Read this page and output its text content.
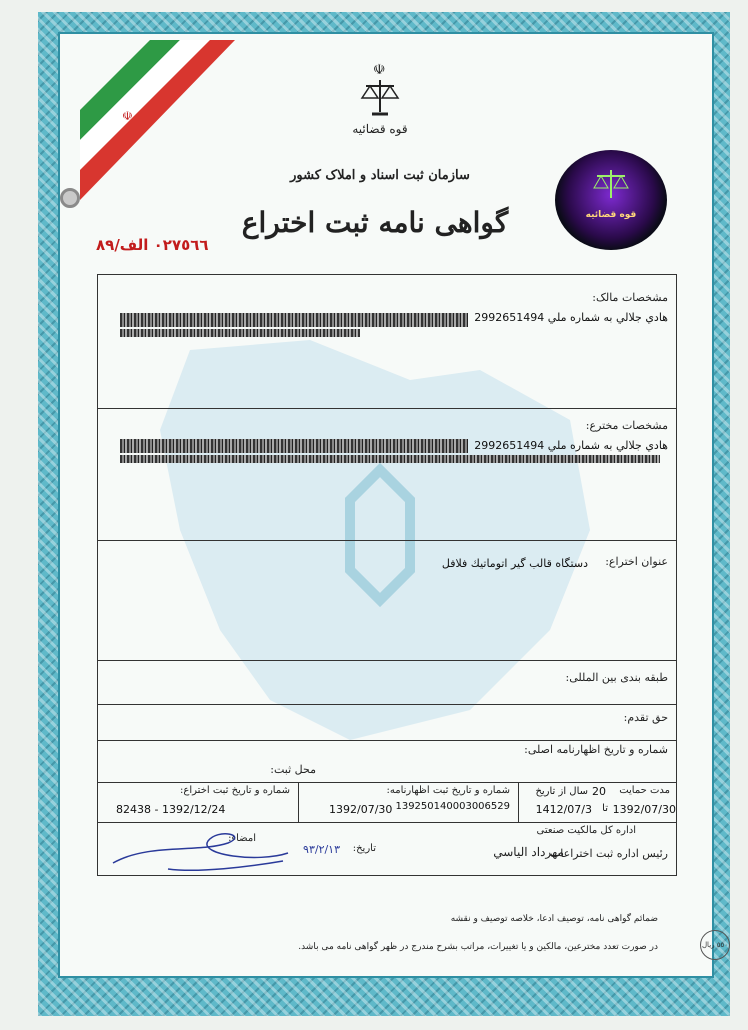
☫
☫
قوه قضائیه
سازمان ثبت اسناد و املاک کشور
گواهی نامه ثبت اختراع
٠٢٧٥٦٦ الف/٨٩
قوه قضائیه
مشخصات مالک:
هادي جلالي به شماره ملي 2992651494
مشخصات مخترع:
هادي جلالي به شماره ملي 2992651494
عنوان اختراع:
دستگاه قالب گير اتوماتيك فلافل
طبقه بندی بین المللی:
حق تقدم:
شماره و تاریخ اظهارنامه اصلی:
محل ثبت:
شماره و تاریخ ثبت اختراع:
1392/12/24 - 82438
شماره و تاریخ ثبت اظهارنامه:
139250140003006529
1392/07/30
مدت حمایت
20
سال از تاریخ
1392/07/30
تا
1412/07/3
مهرداد الیاسي
اداره کل مالکیت صنعتی
رئیس اداره ثبت اختراعات
تاریخ:
۹۳/۲/۱۳
امضاء:
ضمائم گواهی نامه، توصیف ادعا، خلاصه توصیف و نقشه
در صورت تعدد مخترعین، مالکین و یا تغییرات، مراتب بشرح مندرج در ظهر گواهی نامه می باشد.	٥٥٠ ریال
